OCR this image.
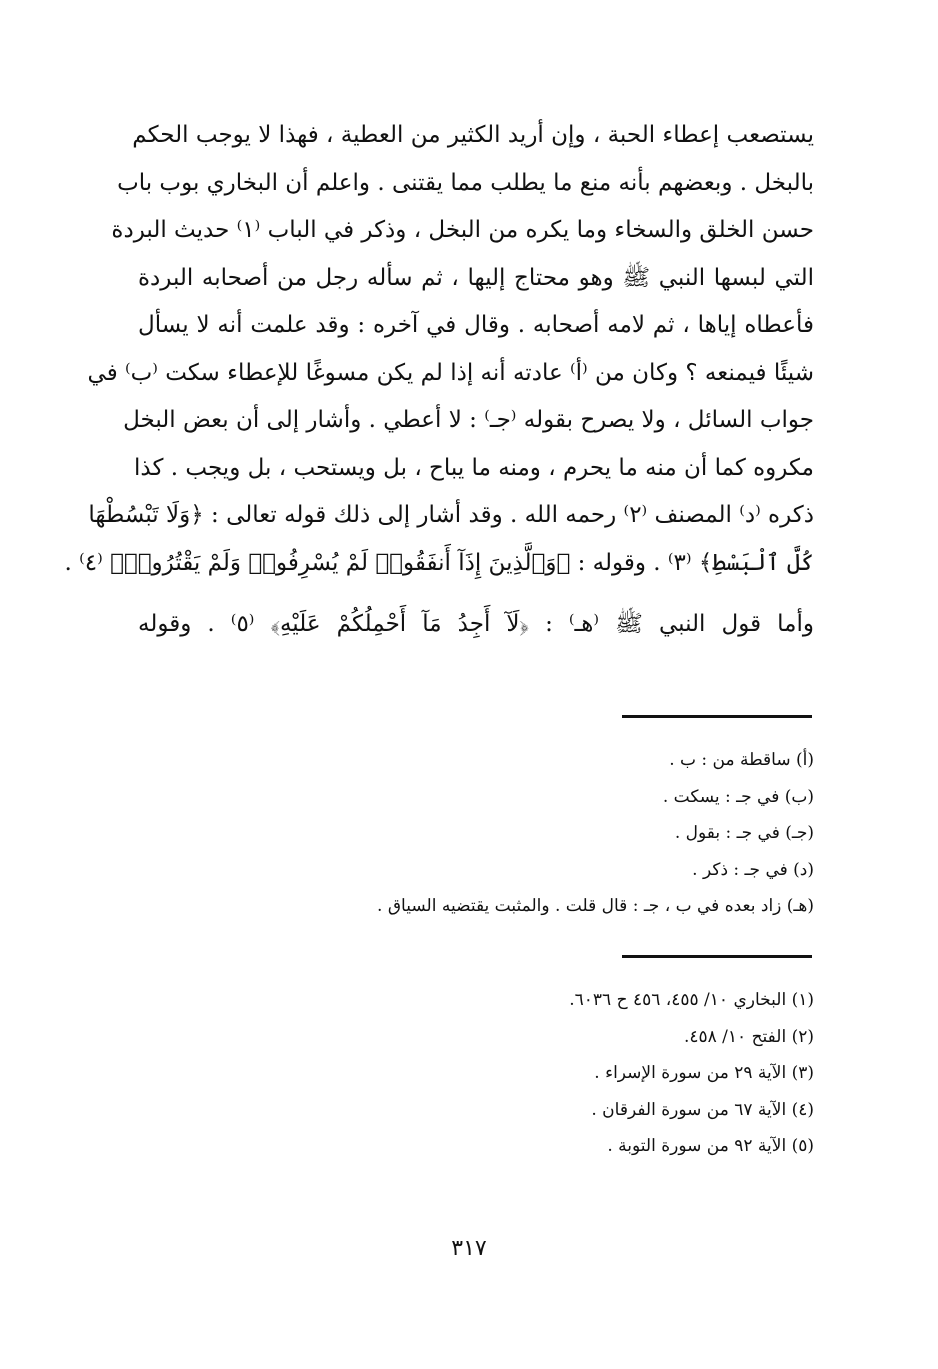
يستصعب إعطاء الحبة ، وإن أريد الكثير من العطية ، فهذا لا يوجب الحكم
بالبخل . وبعضهم بأنه منع ما يطلب مما يقتنى . واعلم أن البخاري بوب باب
حسن الخلق والسخاء وما يكره من البخل ، وذكر في الباب ⁽١⁾ حديث البردة
التي لبسها النبي ﷺ وهو محتاج إليها ، ثم سأله رجل من أصحابه البردة
فأعطاه إياها ، ثم لامه أصحابه . وقال في آخره : وقد علمت أنه لا يسأل
شيئًا فيمنعه ؟ وكان من ⁽أ⁾ عادته أنه إذا لم يكن مسوغًا للإعطاء سكت ⁽ب⁾ في
جواب السائل ، ولا يصرح بقوله ⁽جـ⁾ : لا أعطي . وأشار إلى أن بعض البخل
مكروه كما أن منه ما يحرم ، ومنه ما يباح ، بل ويستحب ، بل ويجب . كذا
ذكره ⁽د⁾ المصنف ⁽٢⁾ رحمه الله . وقد أشار إلى ذلك قوله تعالى : ﴿وَلَا تَبْسُطْهَا
كُلَّ ٱلْبَسْطِ﴾ ⁽٣⁾ . وقوله : ﴿وَٱلَّذِينَ إِذَآ أَنفَقُوا۟ لَمْ يُسْرِفُوا۟ وَلَمْ يَقْتُرُوا۟﴾ ⁽٤⁾ .
وأما قول النبي ﷺ ⁽هـ⁾ : ﴿لَآ أَجِدُ مَآ أَحْمِلُكُمْ عَلَيْهِ﴾ ⁽٥⁾ . وقوله
(أ) ساقطة من : ب .
(ب) في جـ : يسكت .
(جـ) في جـ : بقول .
(د) في جـ : ذكر .
(هـ) زاد بعده في ب ، جـ : قال قلت . والمثبت يقتضيه السياق .
(١) البخاري ١٠/ ٤٥٥، ٤٥٦ ح ٦٠٣٦.
(٢) الفتح ١٠/ ٤٥٨.
(٣) الآية ٢٩ من سورة الإسراء .
(٤) الآية ٦٧ من سورة الفرقان .
(٥) الآية ٩٢ من سورة التوبة .
٣١٧
